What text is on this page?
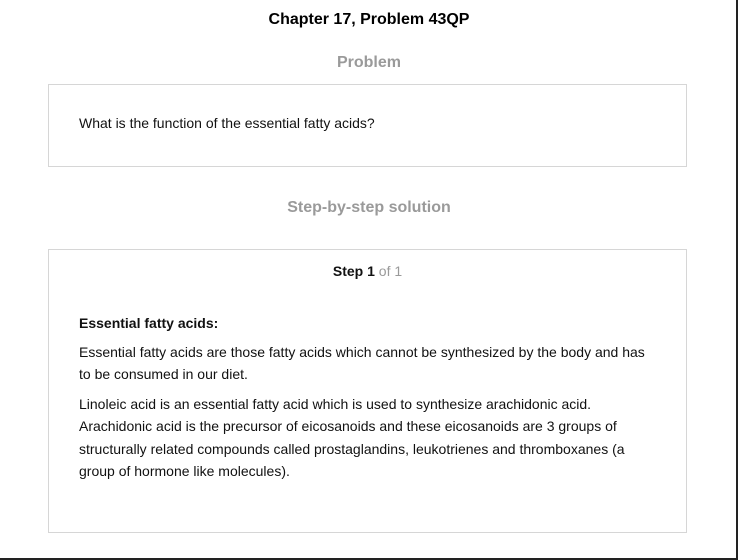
Chapter 17, Problem 43QP
Problem
What is the function of the essential fatty acids?
Step-by-step solution
Step 1 of 1

Essential fatty acids:

Essential fatty acids are those fatty acids which cannot be synthesized by the body and has to be consumed in our diet.

Linoleic acid is an essential fatty acid which is used to synthesize arachidonic acid. Arachidonic acid is the precursor of eicosanoids and these eicosanoids are 3 groups of structurally related compounds called prostaglandins, leukotrienes and thromboxanes (a group of hormone like molecules).
